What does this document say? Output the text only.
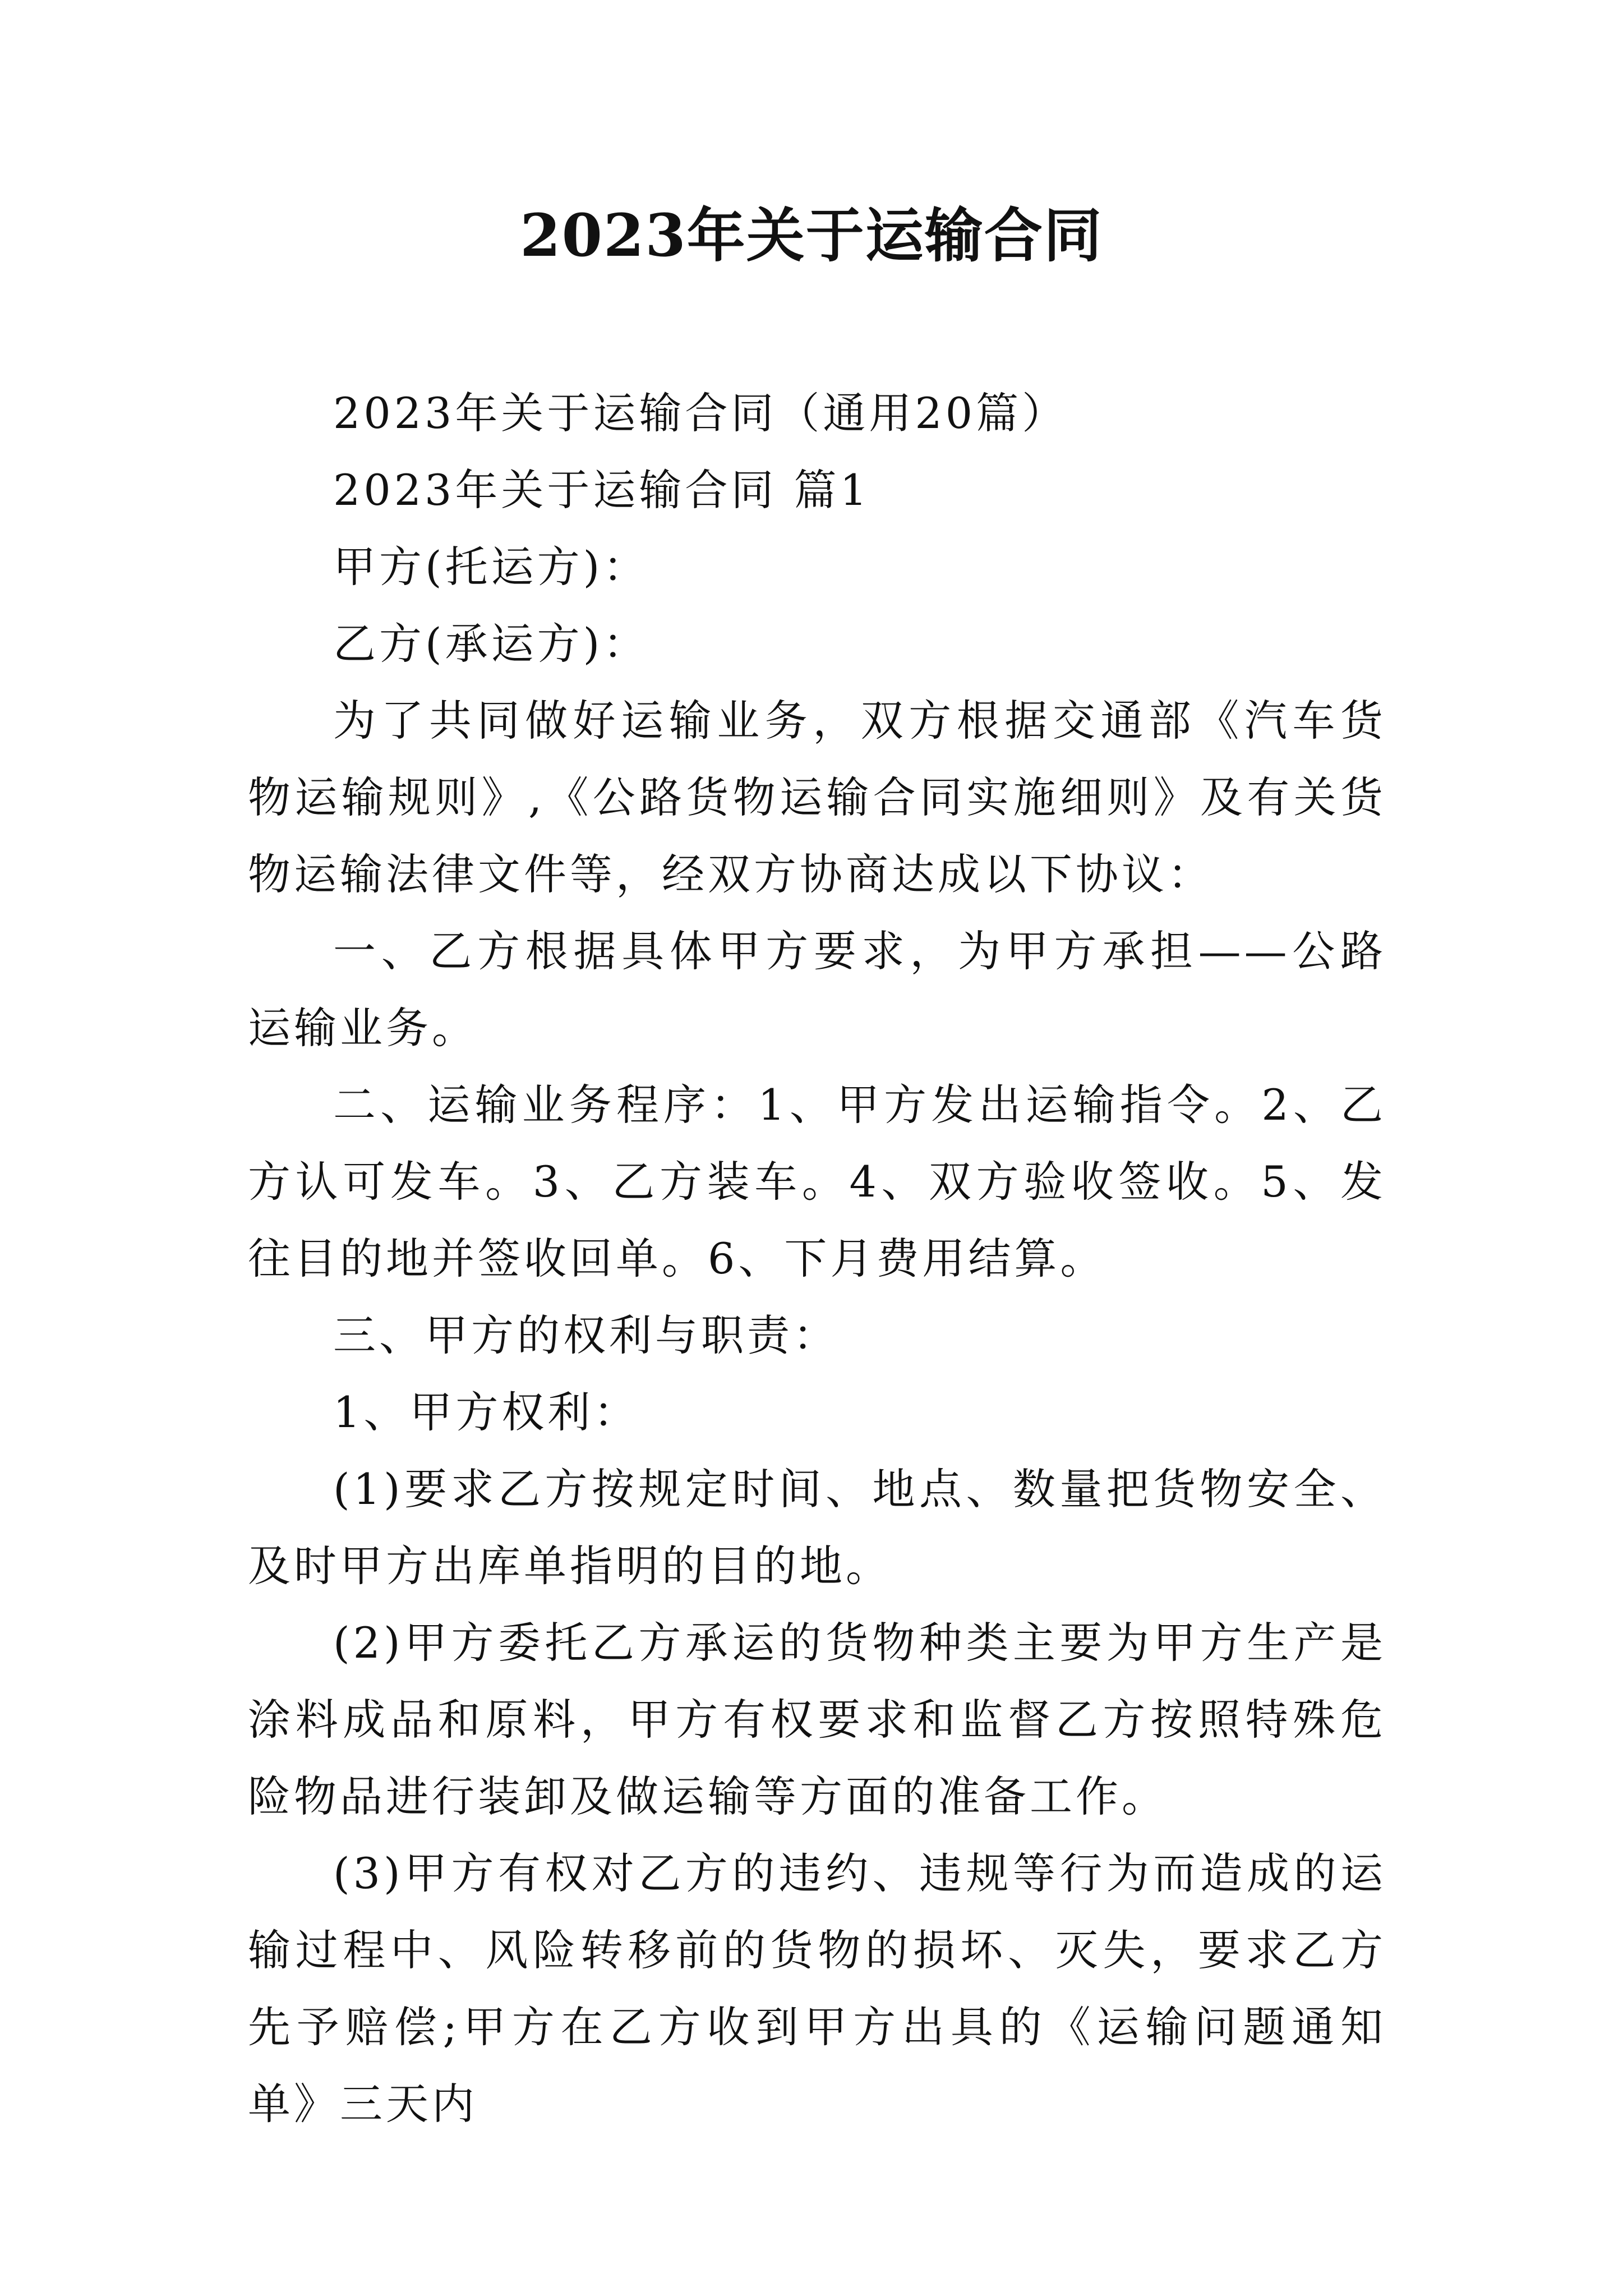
2023年关于运输合同

2023年关于运输合同（通用20篇）

2023年关于运输合同 篇1

甲方(托运方)：

乙方(承运方)：

为了共同做好运输业务，双方根据交通部《汽车货物运输规则》,《公路货物运输合同实施细则》及有关货物运输法律文件等，经双方协商达成以下协议：

一、乙方根据具体甲方要求，为甲方承担——公路运输业务。

二、运输业务程序：1、甲方发出运输指令。2、乙方认可发车。3、乙方装车。4、双方验收签收。5、发往目的地并签收回单。6、下月费用结算。

三、甲方的权利与职责：

1、甲方权利：

(1)要求乙方按规定时间、地点、数量把货物安全、及时甲方出库单指明的目的地。

(2)甲方委托乙方承运的货物种类主要为甲方生产是涂料成品和原料，甲方有权要求和监督乙方按照特殊危险物品进行装卸及做运输等方面的准备工作。

(3)甲方有权对乙方的违约、违规等行为而造成的运输过程中、风险转移前的货物的损坏、灭失，要求乙方先予赔偿;甲方在乙方收到甲方出具的《运输问题通知单》三天内
